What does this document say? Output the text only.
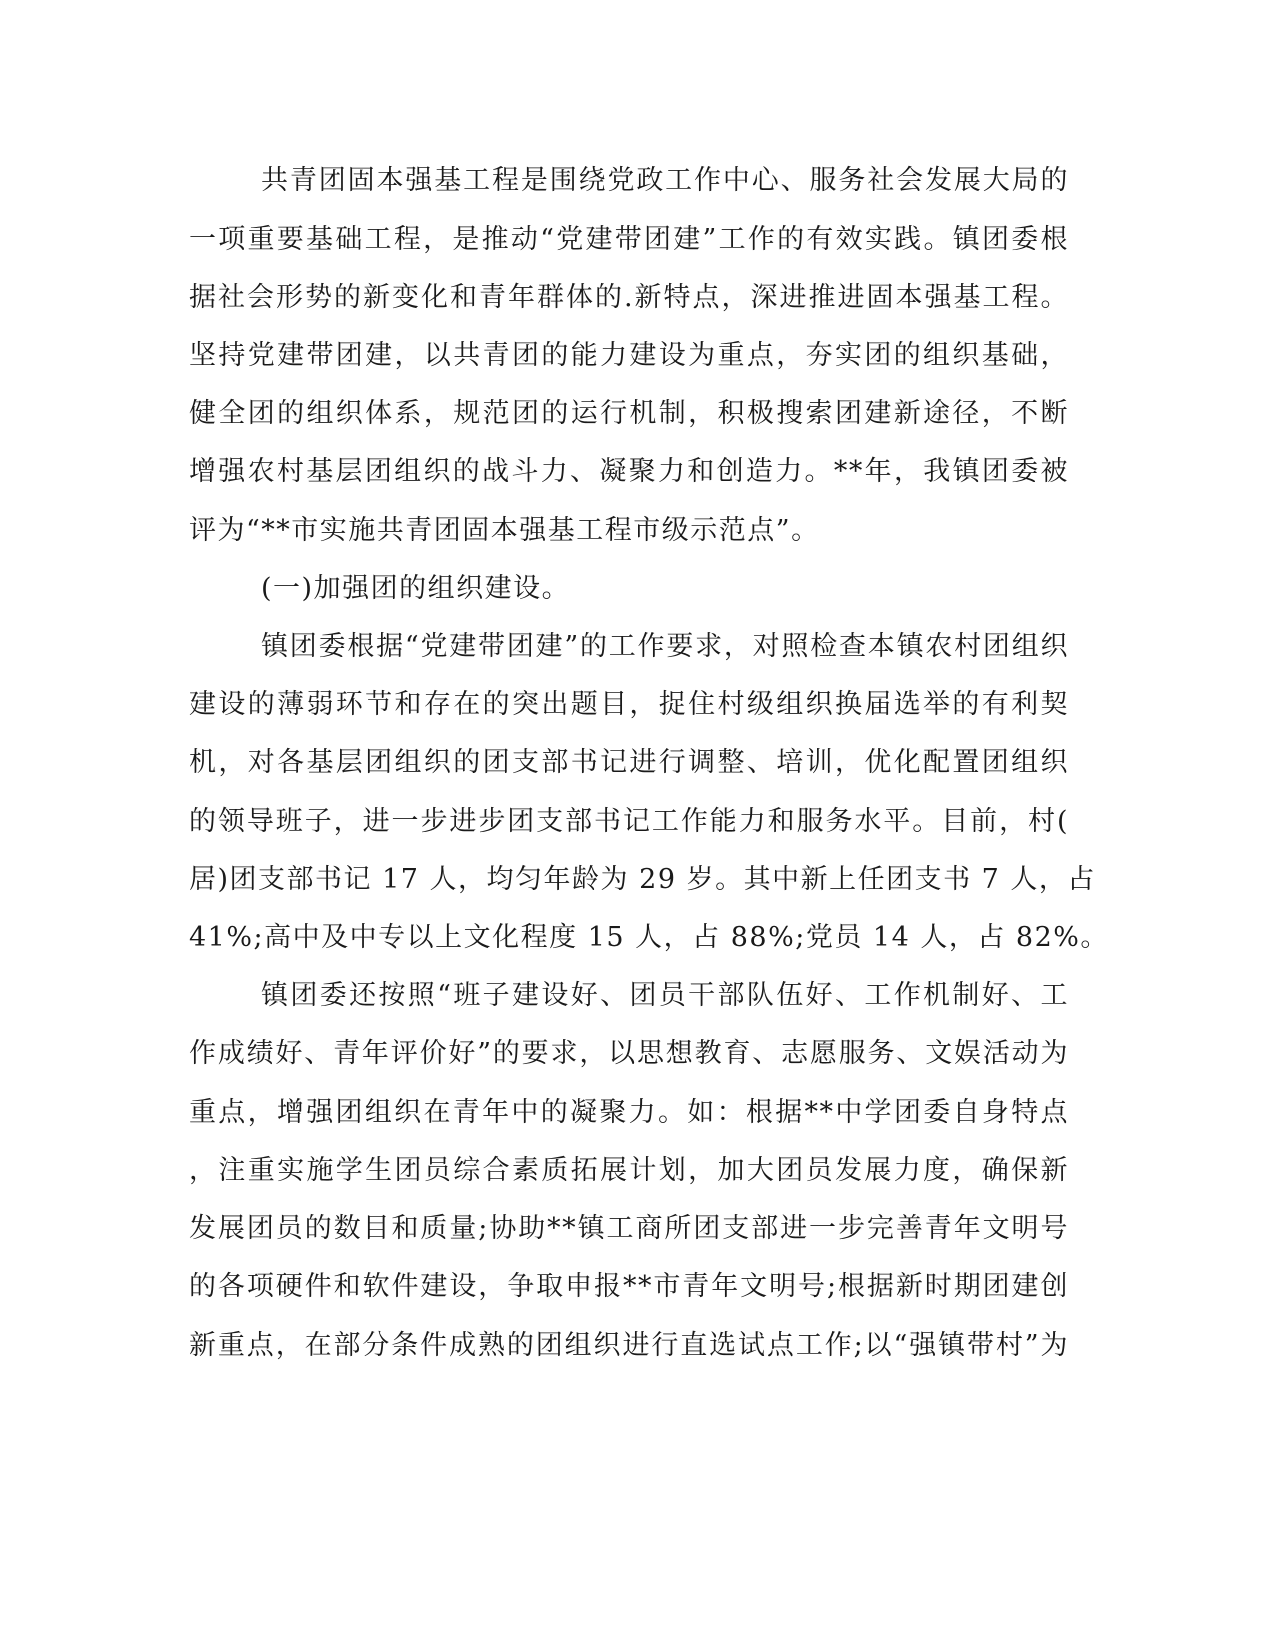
共青团固本强基工程是围绕党政工作中心、服务社会发展大局的
一项重要基础工程，是推动“党建带团建”工作的有效实践。镇团委根
据社会形势的新变化和青年群体的.新特点，深进推进固本强基工程。
坚持党建带团建，以共青团的能力建设为重点，夯实团的组织基础，
健全团的组织体系，规范团的运行机制，积极搜索团建新途径，不断
增强农村基层团组织的战斗力、凝聚力和创造力。**年，我镇团委被
评为“**市实施共青团固本强基工程市级示范点”。
(一)加强团的组织建设。
镇团委根据“党建带团建”的工作要求，对照检查本镇农村团组织
建设的薄弱环节和存在的突出题目，捉住村级组织换届选举的有利契
机，对各基层团组织的团支部书记进行调整、培训，优化配置团组织
的领导班子，进一步进步团支部书记工作能力和服务水平。目前，村(
居)团支部书记 17 人，均匀年龄为 29 岁。其中新上任团支书 7 人，占
41%;高中及中专以上文化程度 15 人，占 88%;党员 14 人，占 82%。
镇团委还按照“班子建设好、团员干部队伍好、工作机制好、工
作成绩好、青年评价好”的要求，以思想教育、志愿服务、文娱活动为
重点，增强团组织在青年中的凝聚力。如：根据**中学团委自身特点
，注重实施学生团员综合素质拓展计划，加大团员发展力度，确保新
发展团员的数目和质量;协助**镇工商所团支部进一步完善青年文明号
的各项硬件和软件建设，争取申报**市青年文明号;根据新时期团建创
新重点，在部分条件成熟的团组织进行直选试点工作;以“强镇带村”为
